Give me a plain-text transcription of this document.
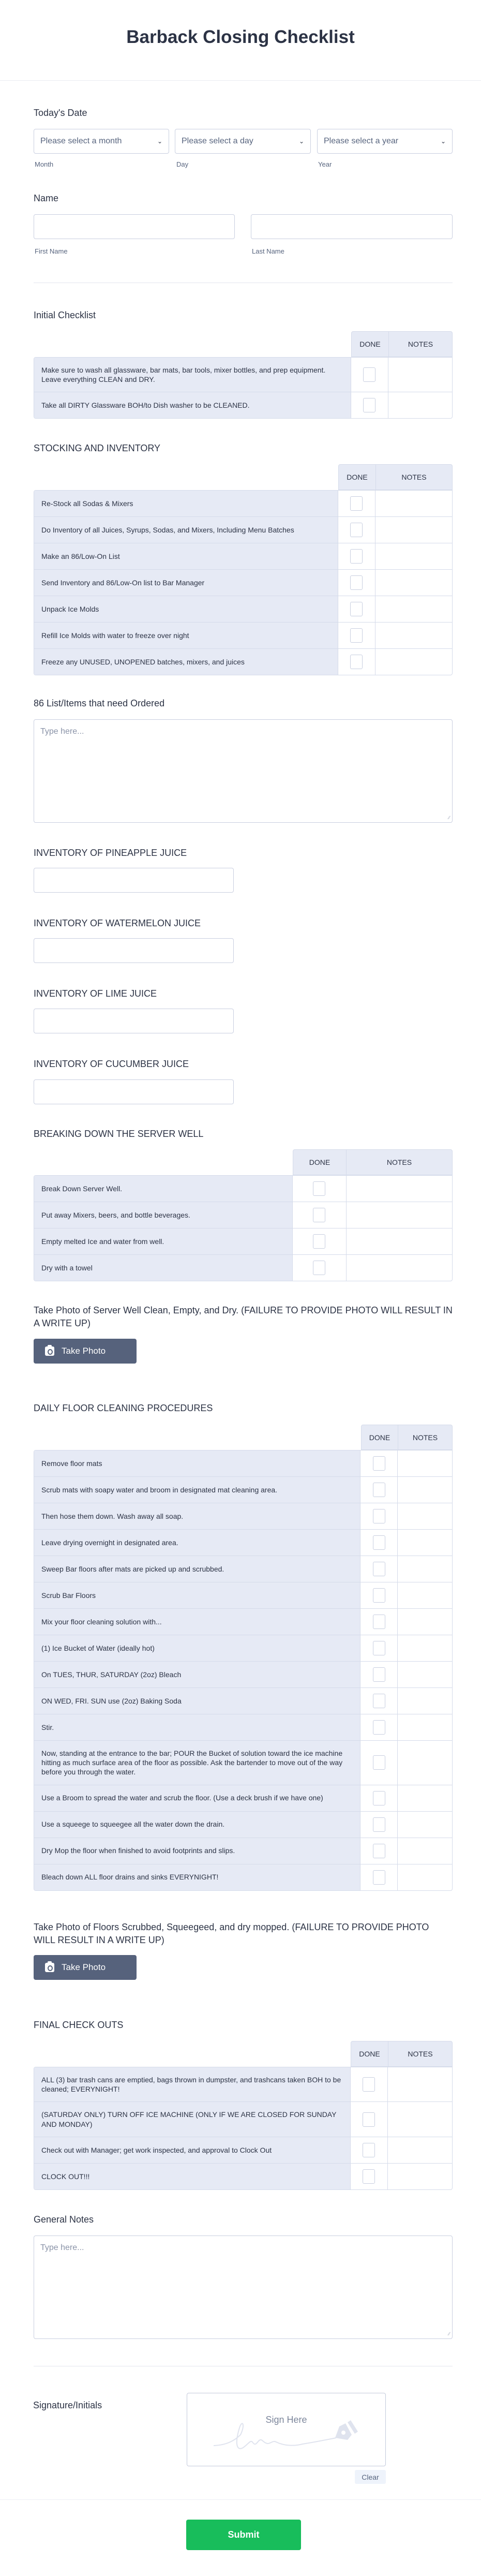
Barback Closing Checklist
Today's Date
Please select a month	⌄ Please select a day	⌄ Please select a year	⌄
Month	Day	Year
Name
First Name	Last Name
Initial Checklist
DONE	NOTES
Make sure to wash all glassware, bar mats, bar tools, mixer bottles, and prep equipment. Leave everything CLEAN and DRY.
Take all DIRTY Glassware BOH/to Dish washer to be CLEANED.
STOCKING AND INVENTORY
DONE	NOTES
Re-Stock all Sodas & Mixers
Do Inventory of all Juices, Syrups, Sodas, and Mixers, Including Menu Batches
Make an 86/Low-On List
Send Inventory and 86/Low-On list to Bar Manager
Unpack Ice Molds
Refill Ice Molds with water to freeze over night
Freeze any UNUSED, UNOPENED batches, mixers, and juices
BREAKING DOWN THE SERVER WELL
DONE	NOTES
Break Down Server Well.
Put away Mixers, beers, and bottle beverages.
Empty melted Ice and water from well.
Dry with a towel
DAILY FLOOR CLEANING PROCEDURES
DONE	NOTES
Remove floor mats
Scrub mats with soapy water and broom in designated mat cleaning area.
Then hose them down. Wash away all soap.
Leave drying overnight in designated area.
Sweep Bar floors after mats are picked up and scrubbed.
Scrub Bar Floors
Mix your floor cleaning solution with...
(1) Ice Bucket of Water (ideally hot)
On TUES, THUR, SATURDAY (2oz) Bleach
ON WED, FRI. SUN use (2oz) Baking Soda
Stir.
Now, standing at the entrance to the bar; POUR the Bucket of solution toward the ice machine hitting as much surface area of the floor as possible. Ask the bartender to move out of the way before you through the water.
Use a Broom to spread the water and scrub the floor. (Use a deck brush if we have one)
Use a squeege to squeegee all the water down the drain.
Dry Mop the floor when finished to avoid footprints and slips.
Bleach down ALL floor drains and sinks EVERYNIGHT!
FINAL CHECK OUTS
DONE	NOTES
ALL (3) bar trash cans are emptied, bags thrown in dumpster, and trashcans taken BOH to be cleaned; EVERYNIGHT!
(SATURDAY ONLY) TURN OFF ICE MACHINE (ONLY IF WE ARE CLOSED FOR SUNDAY AND MONDAY)
Check out with Manager; get work inspected, and approval to Clock Out
CLOCK OUT!!!
86 List/Items that need Ordered
Type here...
∕∕
INVENTORY OF PINEAPPLE JUICE
INVENTORY OF WATERMELON JUICE
INVENTORY OF LIME JUICE
INVENTORY OF CUCUMBER JUICE
Take Photo of Server Well Clean, Empty, and Dry. (FAILURE TO PROVIDE PHOTO WILL RESULT IN A WRITE UP)
Take Photo
Take Photo of Floors Scrubbed, Squeegeed, and dry mopped. (FAILURE TO PROVIDE PHOTO WILL RESULT IN A WRITE UP)
Take Photo
General Notes
Type here...
∕∕
Signature/Initials
Sign Here
Clear
Submit
